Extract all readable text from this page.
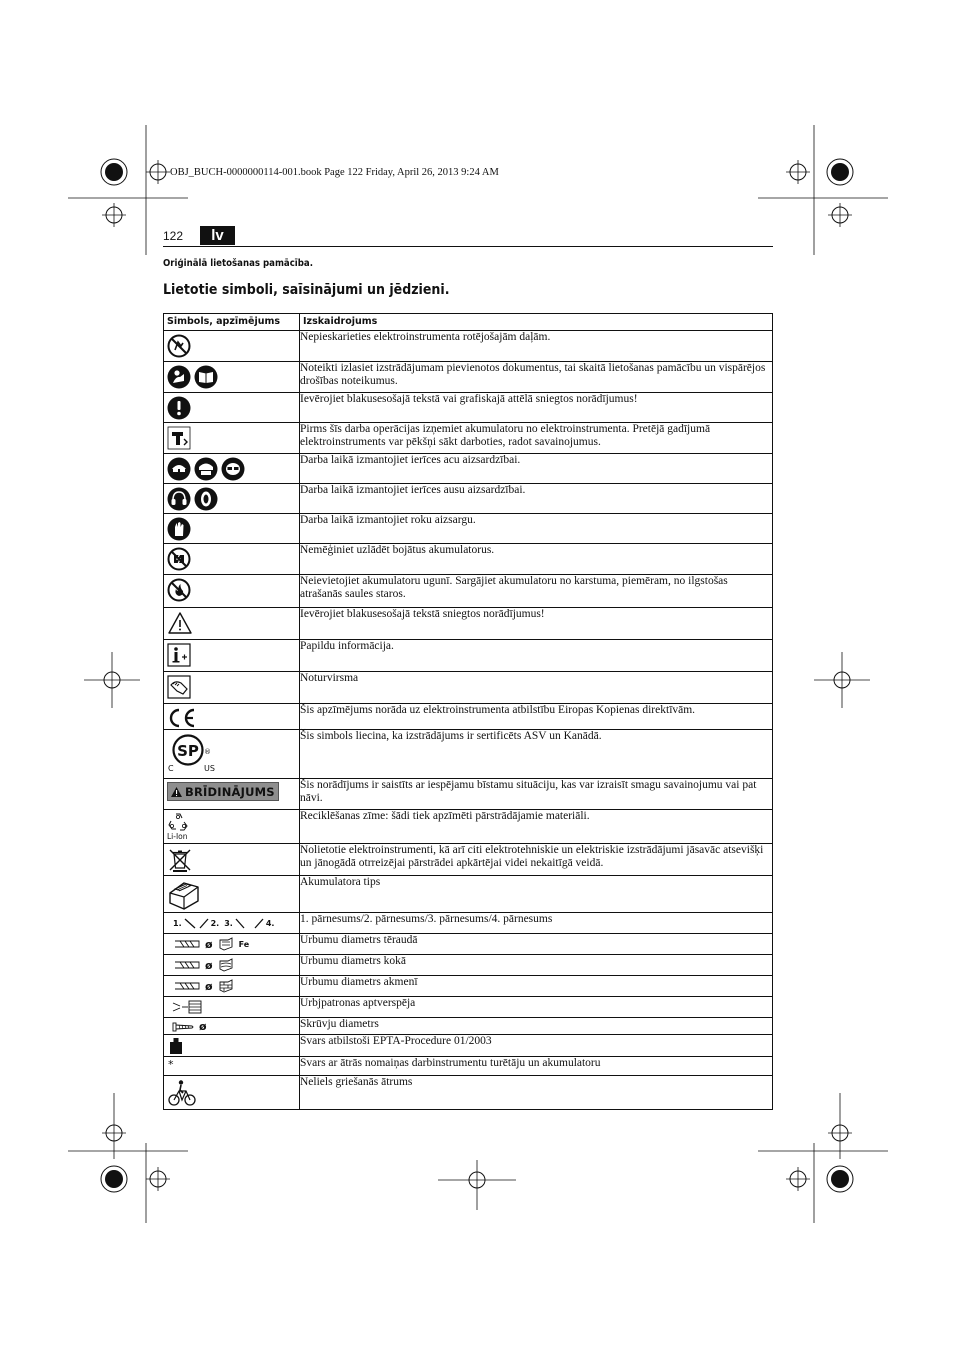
OBJ_BUCH-0000000114-001.book Page 122 Friday, April 26, 2013 9:24 AM
122	lv
Oriģinālā lietošanas pamācība.
Lietotie simboli, saīsinājumi un jēdzieni.
Simbols, apzīmējums	Izskaidrojums

	Nepieskarieties elektroinstrumenta rotējošajām daļām.

	Noteikti izlasiet izstrādājumam pievienotos dokumentus, tai skaitā lietošanas pamācību un vispārējos drošības noteikumus.

	Ievērojiet blakusesošajā tekstā vai grafiskajā attēlā sniegtos norādījumus!

	Pirms šīs darba operācijas izņemiet akumulatoru no elektroinstrumenta. Pretējā gadījumā elektroinstruments var pēkšņi sākt darboties, radot savainojumus.

	Darba laikā izmantojiet ierīces acu aizsardzībai.

	Darba laikā izmantojiet ierīces ausu aizsardzībai.

	Darba laikā izmantojiet roku aizsargu.

	Nemēģiniet uzlādēt bojātus akumulatorus.

	Neievietojiet akumulatoru ugunī. Sargājiet akumulatoru no karstuma, piemēram, no ilgstošas atrašanās saules staros.

	Ievērojiet blakusesošajā tekstā sniegtos norādījumus!

	Papildu informācija.

	Noturvirsma

	Šis apzīmējums norāda uz elektroinstrumenta atbilstību Eiropas Kopienas direktīvām.

SP
C US
®	Šis simbols liecina, ka izstrādājums ir sertificēts ASV un Kanādā.

BRĪDINĀJUMS	Šis norādījums ir saistīts ar iespējamu bīstamu situāciju, kas var izraisīt smagu savainojumu vai pat nāvi.

Li-Ion	Reciklēšanas zīme: šādi tiek apzīmēti pārstrādājamie materiāli.

	Nolietotie elektroinstrumenti, kā arī citi elektrotehniskie un elektriskie izstrādājumi jāsavāc atsevišķi un jānogādā otrreizējai pārstrādei apkārtējai videi nekaitīgā veidā.

	Akumulatora tips

1. 2. 3. 4.	1. pārnesums/2. pārnesums/3. pārnesums/4. pārnesums

ø Fe	Urbumu diametrs tēraudā

ø	Urbumu diametrs kokā

ø	Urbumu diametrs akmenī

	Urbjpatronas aptverspēja

ø	Skrūvju diametrs

	Svars atbilstoši EPTA-Procedure 01/2003

*	Svars ar ātrās nomaiņas darbinstrumentu turētāju un akumulatoru

	Neliels griešanās ātrums
